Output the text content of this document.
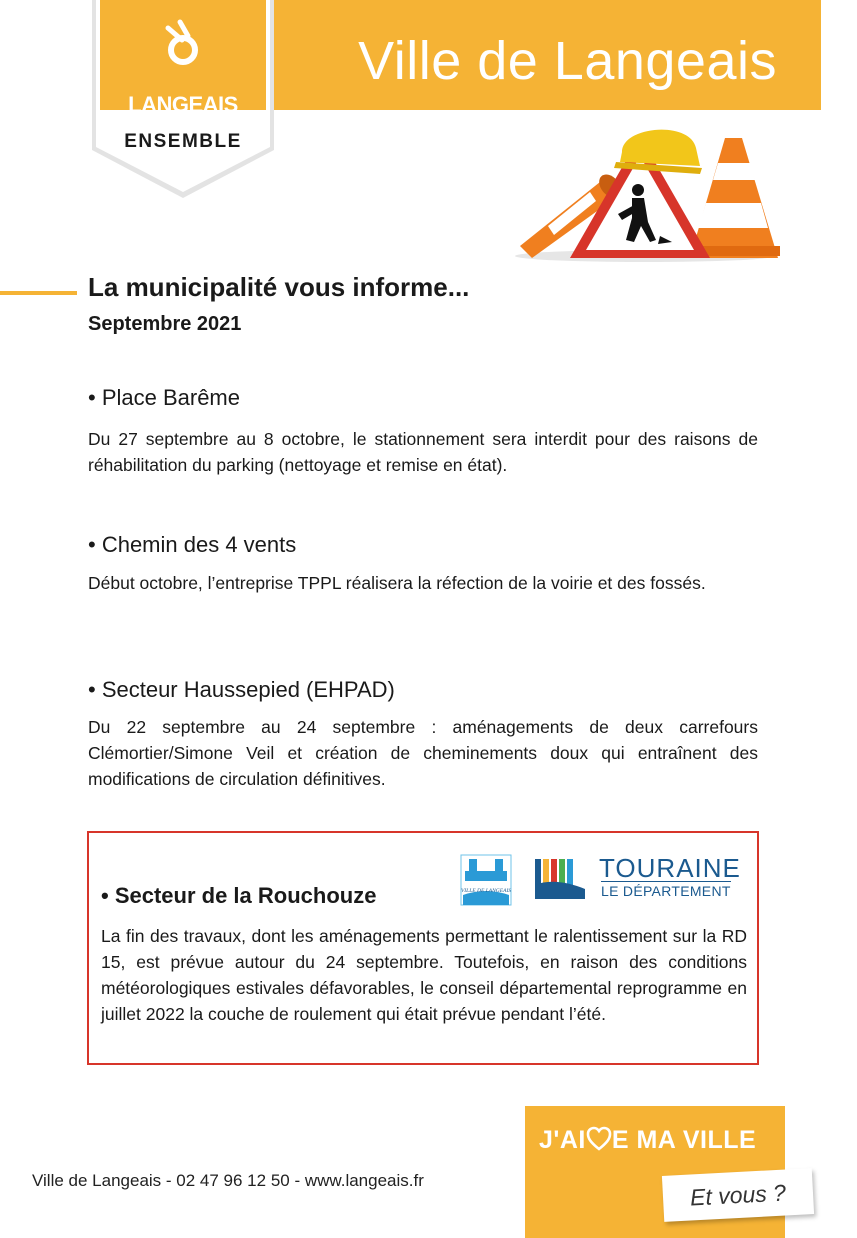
Ville de Langeais
LANGEAIS
ENSEMBLE
La municipalité vous informe...
Septembre 2021
• Place Barême
Du 27 septembre au 8 octobre, le stationnement sera interdit pour des raisons de réhabilitation du parking (nettoyage et remise en état).
• Chemin des 4 vents
Début octobre, l’entreprise TPPL réalisera la réfection de la voirie et des fossés.
• Secteur Haussepied (EHPAD)
Du 22 septembre au 24 septembre : aménagements de deux carrefours Clémortier/Simone Veil et création de cheminements doux qui entraînent des modifications de circulation définitives.
VILLE DE LANGEAIS
TOURAINE
LE DÉPARTEMENT
• Secteur de la Rouchouze
La fin des travaux, dont les aménagements permettant le ralentissement sur la RD 15, est prévue autour du 24 septembre. Toutefois, en raison des conditions météorologiques estivales défavorables, le conseil départemental reprogramme en juillet 2022 la couche de roulement qui était prévue pendant l’été.
Ville de Langeais - 02 47 96 12 50 - www.langeais.fr
J'AI E MA VILLE
Et vous ?
